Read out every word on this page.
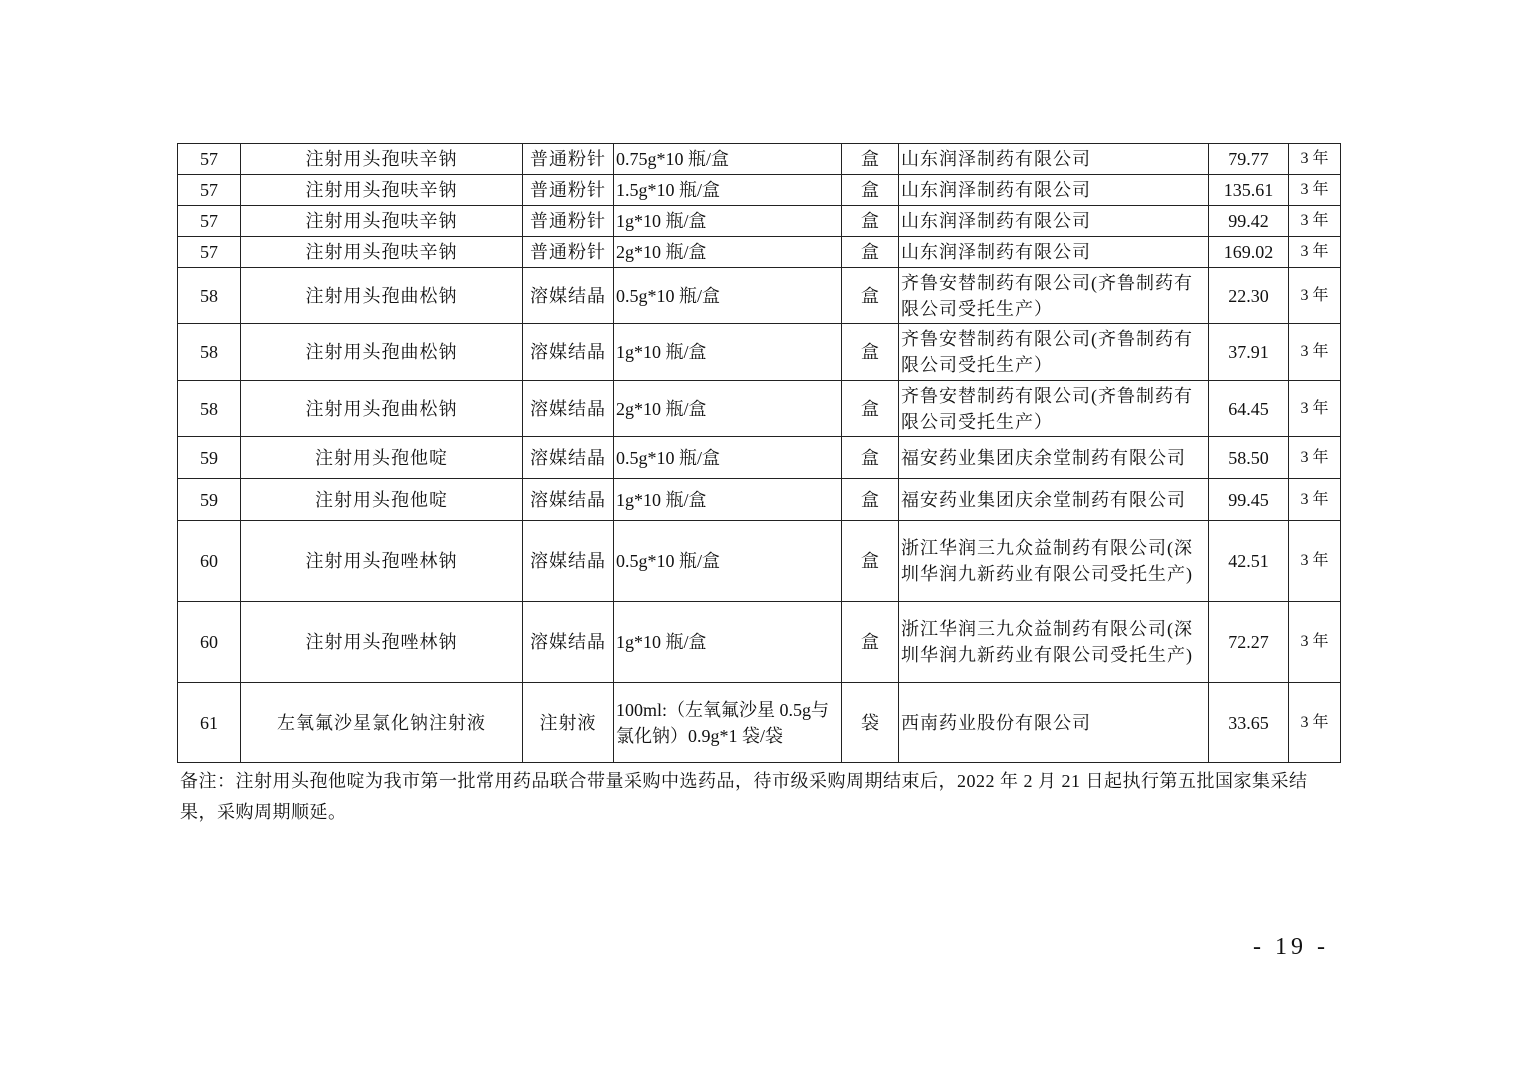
57	注射用头孢呋辛钠	普通粉针	0.75g*10 瓶/盒	盒	山东润泽制药有限公司	79.77	3 年
57	注射用头孢呋辛钠	普通粉针	1.5g*10 瓶/盒	盒	山东润泽制药有限公司	135.61	3 年
57	注射用头孢呋辛钠	普通粉针	1g*10 瓶/盒	盒	山东润泽制药有限公司	99.42	3 年
57	注射用头孢呋辛钠	普通粉针	2g*10 瓶/盒	盒	山东润泽制药有限公司	169.02	3 年
58	注射用头孢曲松钠	溶媒结晶	0.5g*10 瓶/盒	盒	齐鲁安替制药有限公司(齐鲁制药有限公司受托生产）	22.30	3 年
58	注射用头孢曲松钠	溶媒结晶	1g*10 瓶/盒	盒	齐鲁安替制药有限公司(齐鲁制药有限公司受托生产）	37.91	3 年
58	注射用头孢曲松钠	溶媒结晶	2g*10 瓶/盒	盒	齐鲁安替制药有限公司(齐鲁制药有限公司受托生产）	64.45	3 年
59	注射用头孢他啶	溶媒结晶	0.5g*10 瓶/盒	盒	福安药业集团庆余堂制药有限公司	58.50	3 年
59	注射用头孢他啶	溶媒结晶	1g*10 瓶/盒	盒	福安药业集团庆余堂制药有限公司	99.45	3 年
60	注射用头孢唑林钠	溶媒结晶	0.5g*10 瓶/盒	盒	浙江华润三九众益制药有限公司(深圳华润九新药业有限公司受托生产)	42.51	3 年
60	注射用头孢唑林钠	溶媒结晶	1g*10 瓶/盒	盒	浙江华润三九众益制药有限公司(深圳华润九新药业有限公司受托生产)	72.27	3 年
61	左氧氟沙星氯化钠注射液	注射液	100ml:（左氧氟沙星 0.5g与氯化钠）0.9g*1 袋/袋	袋	西南药业股份有限公司	33.65	3 年
备注：注射用头孢他啶为我市第一批常用药品联合带量采购中选药品，待市级采购周期结束后，2022 年 2 月 21 日起执行第五批国家集采结果，采购周期顺延。
- 19 -
